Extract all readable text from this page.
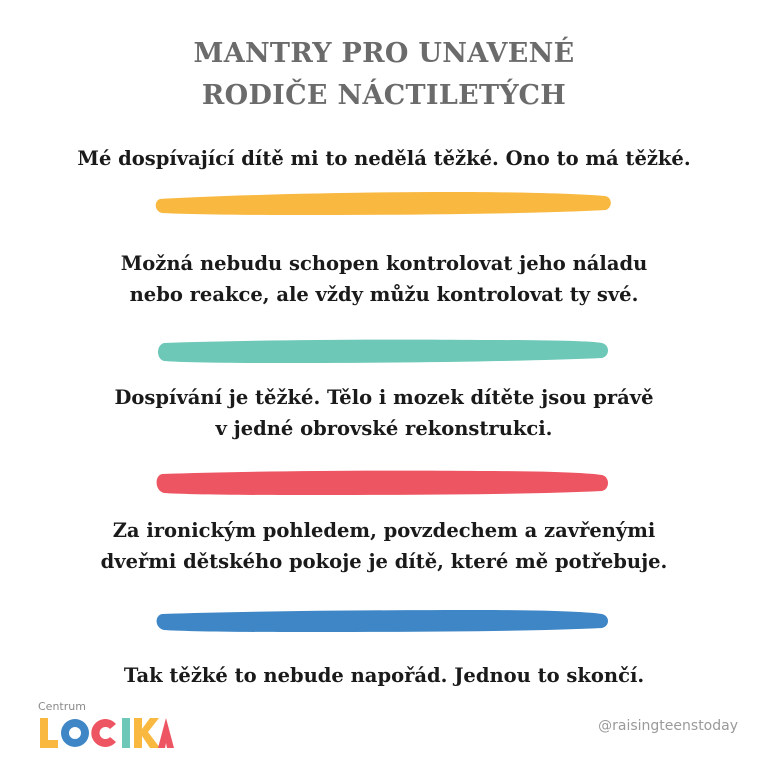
MANTRY PRO UNAVENÉ
RODIČE NÁCTILETÝCH
Mé dospívající dítě mi to nedělá těžké. Ono to má těžké.
Možná nebudu schopen kontrolovat jeho náladu
nebo reakce, ale vždy můžu kontrolovat ty své.
Dospívání je těžké. Tělo i mozek dítěte jsou právě
v jedné obrovské rekonstrukci.
Za ironickým pohledem, povzdechem a zavřenými
dveřmi dětského pokoje je dítě, které mě potřebuje.
Tak těžké to nebude napořád. Jednou to skončí.
Centrum
@raisingteenstoday
